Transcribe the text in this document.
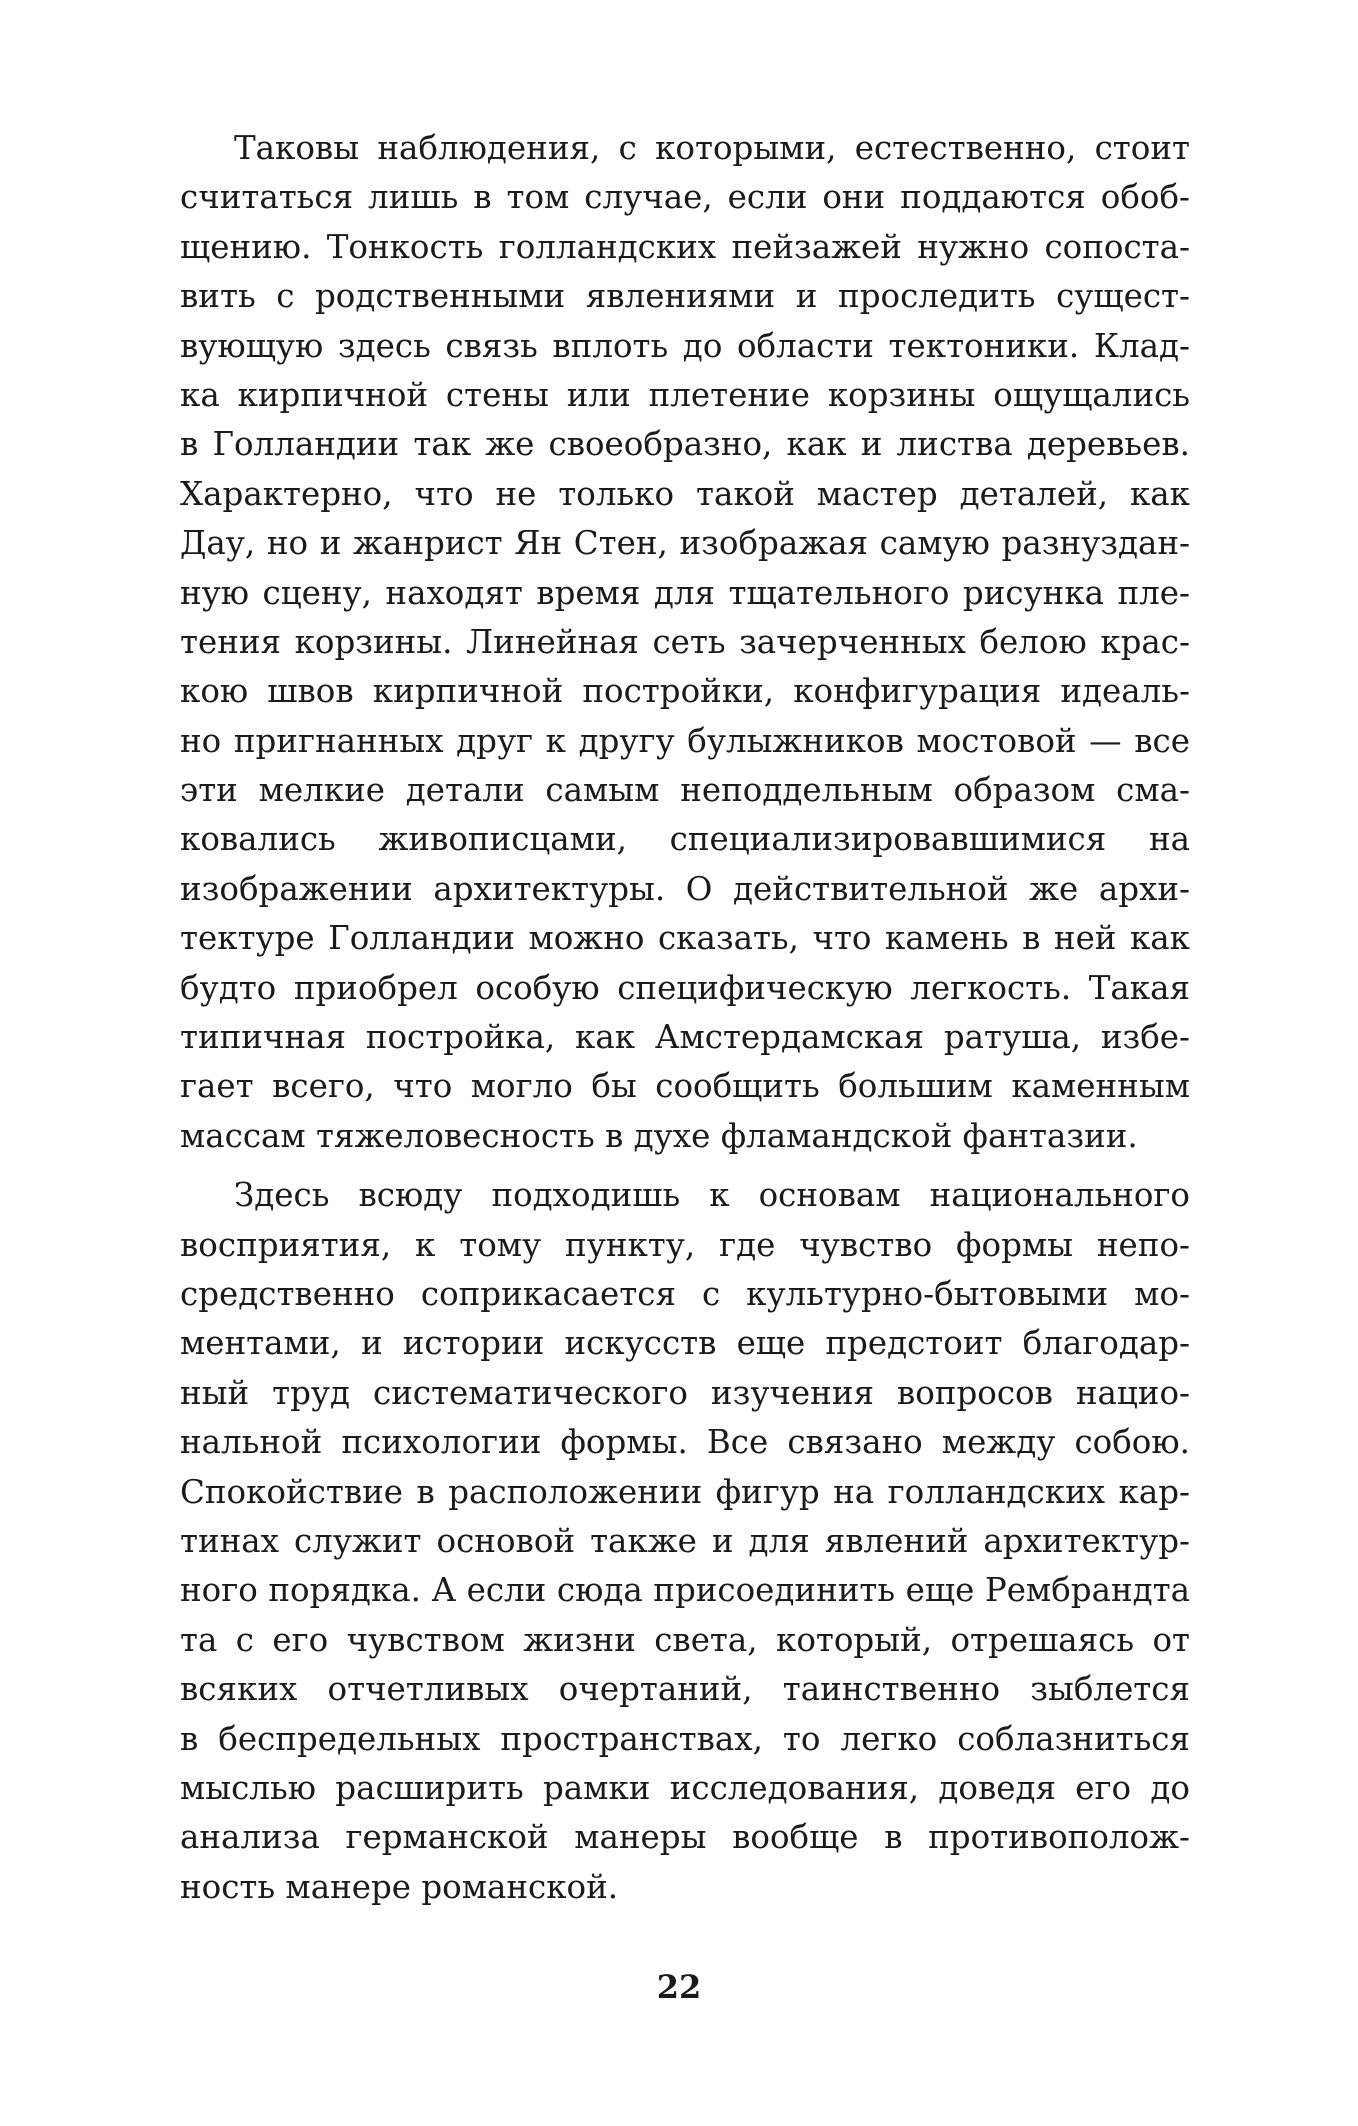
Таковы наблюдения, с которыми, естественно, стоит
считаться лишь в том случае, если они поддаются обоб-
щению. Тонкость голландских пейзажей нужно сопоста-
вить с родственными явлениями и проследить сущест-
вующую здесь связь вплоть до области тектоники. Клад-
ка кирпичной стены или плетение корзины ощущались
в Голландии так же своеобразно, как и листва деревьев.
Характерно, что не только такой мастер деталей, как
Дау, но и жанрист Ян Стен, изображая самую разнуздан-
ную сцену, находят время для тщательного рисунка пле-
тения корзины. Линейная сеть зачерченных белою крас-
кою швов кирпичной постройки, конфигурация идеаль-
но пригнанных друг к другу булыжников мостовой — все
эти мелкие детали самым неподдельным образом сма-
ковались живописцами, специализировавшимися на
изображении архитектуры. О действительной же архи-
тектуре Голландии можно сказать, что камень в ней как
будто приобрел особую специфическую легкость. Такая
типичная постройка, как Амстердамская ратуша, избе-
гает всего, что могло бы сообщить большим каменным
массам тяжеловесность в духе фламандской фантазии.
Здесь всюду подходишь к основам национального
восприятия, к тому пункту, где чувство формы непо-
средственно соприкасается с культурно-бытовыми мо-
ментами, и истории искусств еще предстоит благодар-
ный труд систематического изучения вопросов нацио-
нальной психологии формы. Все связано между собою.
Спокойствие в расположении фигур на голландских кар-
тинах служит основой также и для явлений архитектур-
ного порядка. А если сюда присоединить еще Рембрандта
та с его чувством жизни света, который, отрешаясь от
всяких отчетливых очертаний, таинственно зыблется
в беспредельных пространствах, то легко соблазниться
мыслью расширить рамки исследования, доведя его до
анализа германской манеры вообще в противополож-
ность манере романской.
22
